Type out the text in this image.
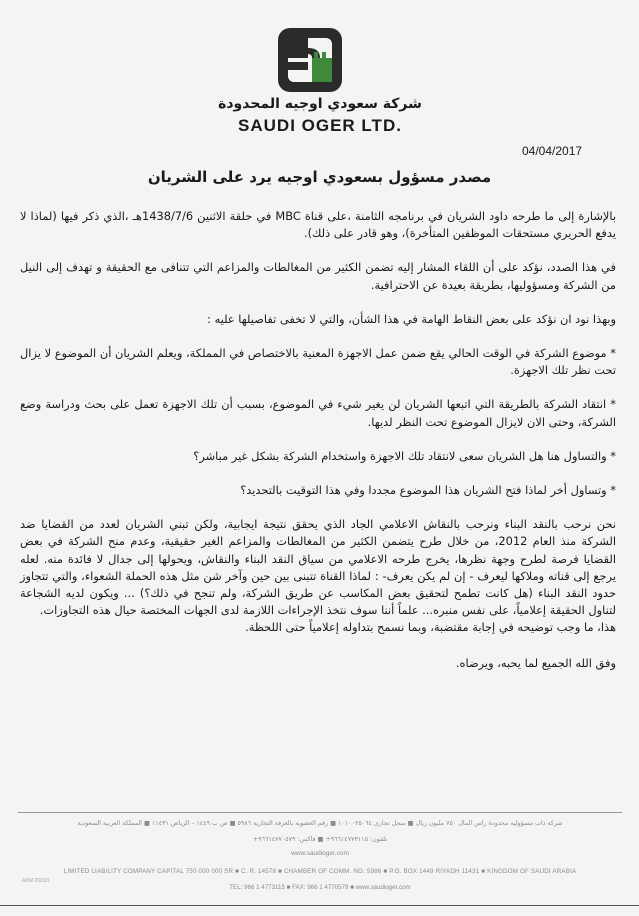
شركة سعودي اوجيه المحدودة
SAUDI OGER LTD.
04/04/2017
مصدر مسؤول بسعودي اوجيه يرد على الشريان

بالإشارة إلى ما طرحه داود الشريان في برنامجه الثامنة ،على قناة MBC في حلقة الاثنين 1438/7/6هـ ،الذي ذكر فيها (لماذا لا يدفع الحريري مستحقات الموظفين المتأخرة)، وهو قادر على ذلك).

في هذا الصدد، نؤكد على أن اللقاء المشار إليه تضمن الكثير من المغالطات والمزاعم التي تتنافى مع الحقيقة و تهدف إلى النيل من الشركة ومسؤوليها، بطريقة بعيدة عن الاحترافية.

وبهذا نود ان نؤكد على بعض النقاط الهامة في هذا الشأن، والتي لا تخفى تفاصيلها عليه :

* موضوع الشركة في الوقت الحالي يقع ضمن عمل الاجهزة المعنية بالاختصاص في المملكة، ويعلم الشريان أن الموضوع لا يزال تحت نظر تلك الاجهزة.

* انتقاد الشركة بالطريقة التي اتبعها الشريان لن يغير شيء في الموضوع، بسبب أن تلك الاجهزة تعمل على بحث ودراسة وضع الشركة، وحتى الان لايزال الموضوع تحت النظر لديها.

* والتساول هنا هل الشريان سعى لانتقاد تلك الاجهزة واستخدام الشركة بشكل غير مباشر؟

* وتساول أخر لماذا فتح الشريان هذا الموضوع مجددا وفي هذا التوقيت بالتحديد؟

نحن نرحب بالنقد البناء ونرحب بالنقاش الاعلامي الجاد الذي يحقق نتيجة ايجابية، ولكن تبني الشريان لعدد من القضايا ضد الشركة منذ العام 2012، من خلال طرح يتضمن الكثير من المغالطات والمزاعم الغير حقيقية، وعدم منح الشركة في بعض القضايا فرصة لطرح وجهة نظرها، يخرج طرحه الاعلامي من سياق النقد البناء والنقاش، ويحولها إلى جدال لا فائدة منه. لعله يرجع إلى قناته وملاكها ليعرف - إن لم يكن يعرف- : لماذا القناة تتبنى بين حين وآخر شن مثل هذه الحملة الشعواء، والتي تتجاوز حدود النقد البناء (هل كانت تطمح لتحقيق بعض المكاسب عن طريق الشركة، ولم تنجح في ذلك؟) ... ويكون لديه الشجاعة لتناول الحقيقة إعلامياً، على نفس منبره... علماً أننا سوف نتخذ الإجراءات اللازمة لدى الجهات المختصة حيال هذه التجاوزات.

هذا، ما وجب توضيحه في إجابة مقتضبة، وبما نسمح بتداوله إعلامياً حتى اللحظة.

وفق الله الجميع لما يحبه، ويرضاه.

شركة ذات مسؤولية محدودة رأس المال ٧٥٠ مليون ريال ■ سجل تجاري ١٠١٠٠٢٥٠٦٤ ■ رقم العضوية بالغرفة التجارية ٥٩٨٦ ■ ص ب ١٤٤٩ – الرياض ١١٤٣١ ■ المملكة العربية السعودية
تلفون: ٩٦٦١٤٧٧٣١١٥+ ■ فاكس: ٩٦٦١٤٧٧٠٥٧٩+
www.saudioger.com
ADM 2003/1
LIMITED LIABILITY COMPANY CAPITAL 750 000 000 SR ■ C. R. 14578 ■ CHAMBER OF COMM. NO. 5986 ■ P.O. BOX 1449 RIYADH 11431 ■ KINGDOM OF SAUDI ARABIA
TEL: 966 1 4773115 ■ FAX: 966 1 4770579 ■ www.saudioger.com
